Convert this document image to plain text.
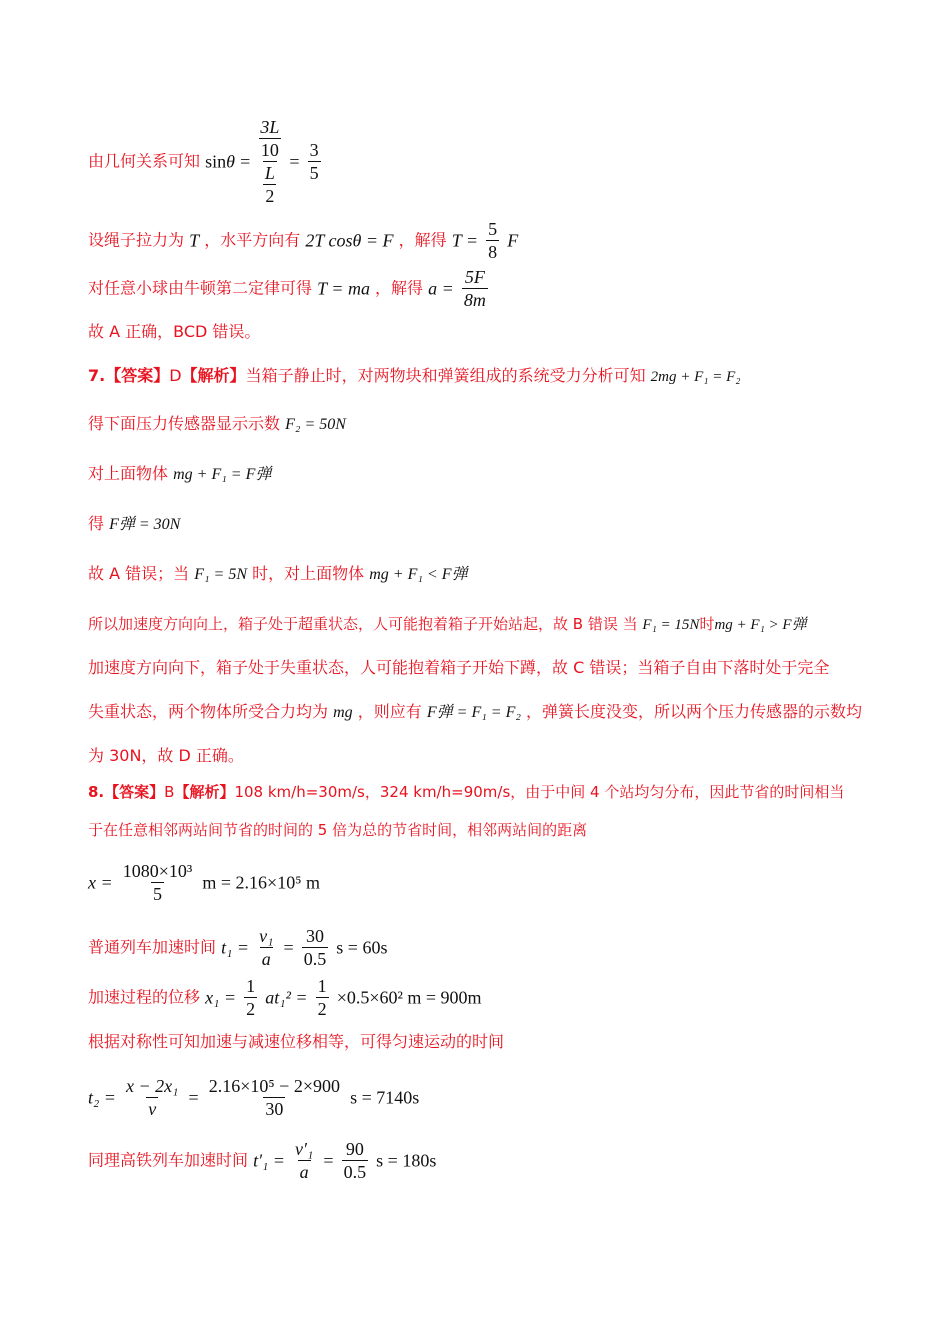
由几何关系可知 $\sin\theta = \frac{\frac{3L}{10}}{\frac{L}{2}} = \frac{3}{5}$
设绳子拉力为 T ，水平方向有 2T cosθ = F ，解得 $T = \frac{5}{8}$ F
对任意小球由牛顿第二定律可得 T = ma ，解得 $a = \frac{5F}{8m}$
故 A 正确，BCD 错误。
7.【答案】D【解析】当箱子静止时，对两物块和弹簧组成的系统受力分析可知 2mg + F₁ = F₂
得下面压力传感器显示示数 F₂ = 50N
对上面物体 mg + F₁ = F弹
得 F弹 = 30N
故 A 错误；当 F₁ = 5N 时，对上面物体 mg + F₁ < F弹
所以加速度方向向上，箱子处于超重状态，人可能抱着箱子开始站起，故 B 错误 当 F₁ = 15N时mg + F₁ > F弹
加速度方向向下，箱子处于失重状态，人可能抱着箱子开始下蹲，故 C 错误；当箱子自由下落时处于完全
失重状态，两个物体所受合力均为 mg ，则应有 F弹 = F₁ = F₂ ，弹簧长度没变，所以两个压力传感器的示数均
为 30N，故 D 正确。
8.【答案】B【解析】108 km/h=30m/s，324 km/h=90m/s，由于中间 4 个站均匀分布，因此节省的时间相当
于在任意相邻两站间节省的时间的 5 倍为总的节省时间，相邻两站间的距离
$x = \frac{\text{1080×10³}}{5}$ m = 2.16×10⁵ m
普通列车加速时间 $t_1 = \frac{\text{v₁}}{a} = \frac{30}{0.5}$ s = 60s
加速过程的位移 $x_1 = \frac{1}{2} at_1^2 = \frac{1}{2} \times 0.5\times 60^2$ m = 900m
根据对称性可知加速与减速位移相等，可得匀速运动的时间
$t_2 = \frac{\text{x − 2x₁}}{v} = \frac{\text{2.16×10⁵ − 2×900}}{30}$ s = 7140s
同理高铁列车加速时间 $t'_1 = \frac{\text{v′₁}}{a} = \frac{90}{0.5}$ s = 180s
